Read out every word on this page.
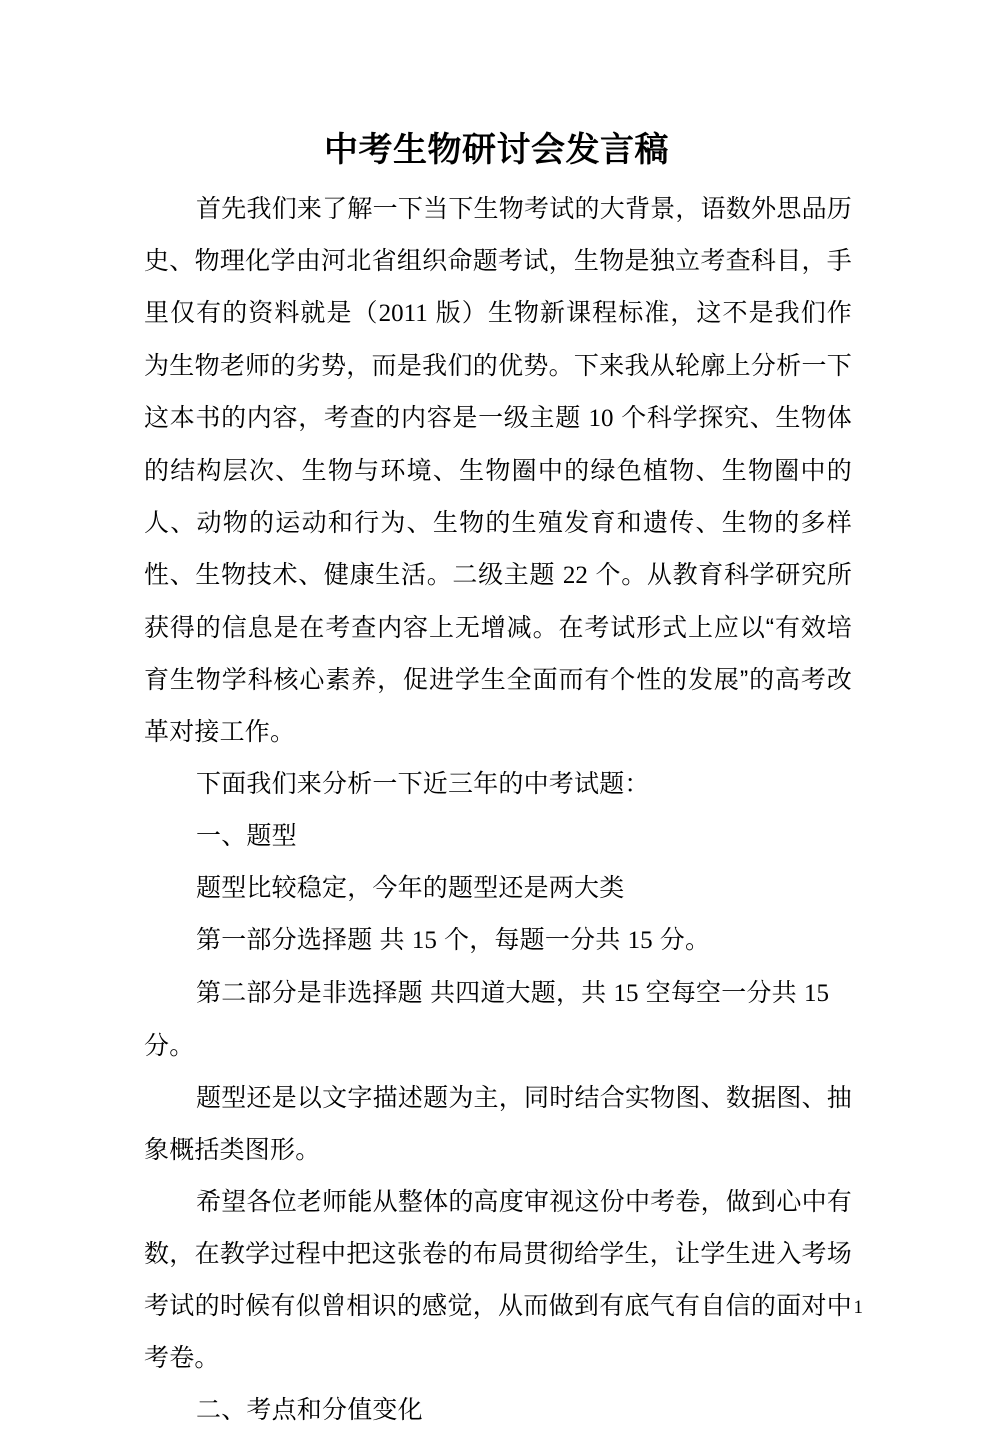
中考生物研讨会发言稿

首先我们来了解一下当下生物考试的大背景，语数外思品历史、物理化学由河北省组织命题考试，生物是独立考查科目，手里仅有的资料就是（2011 版）生物新课程标准，这不是我们作为生物老师的劣势，而是我们的优势。下来我从轮廓上分析一下这本书的内容，考查的内容是一级主题 10 个科学探究、生物体的结构层次、生物与环境、生物圈中的绿色植物、生物圈中的人、动物的运动和行为、生物的生殖发育和遗传、生物的多样性、生物技术、健康生活。二级主题 22 个。从教育科学研究所获得的信息是在考查内容上无增减。在考试形式上应以“有效培育生物学科核心素养，促进学生全面而有个性的发展”的高考改革对接工作。

下面我们来分析一下近三年的中考试题：

一、题型

题型比较稳定，今年的题型还是两大类

第一部分选择题 共 15 个，每题一分共 15 分。

第二部分是非选择题 共四道大题，共 15 空每空一分共 15 分。

题型还是以文字描述题为主，同时结合实物图、数据图、抽象概括类图形。

希望各位老师能从整体的高度审视这份中考卷，做到心中有数，在教学过程中把这张卷的布局贯彻给学生，让学生进入考场考试的时候有似曾相识的感觉，从而做到有底气有自信的面对中考卷。

二、考点和分值变化

1
